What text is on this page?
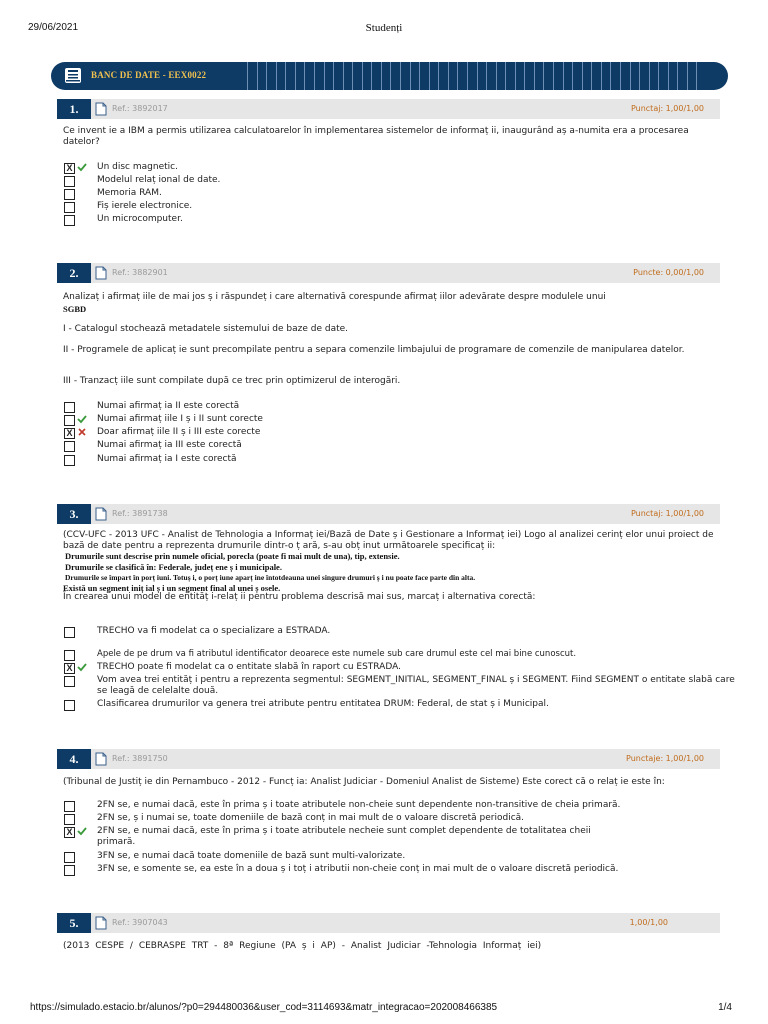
29/06/2021	Studenți
BANC DE DATE - EEX0022
1.	Ref.: 3892017	Punctaj: 1,00/1,00
Ce invent ie a IBM a permis utilizarea calculatoarelor în implementarea sistemelor de informaț ii, inaugurând aș a-numita era a procesarea datelor?
X	Un disc magnetic.
Modelul relaț ional de date.
Memoria RAM.
Fiș ierele electronice.
Un microcomputer.
2.	Ref.: 3882901	Puncte: 0,00/1,00
Analizaț i afirmaț iile de mai jos ș i răspundeț i care alternativă corespunde afirmaț iilor adevărate despre modulele unui
SGBD
I - Catalogul stochează metadatele sistemului de baze de date.
II - Programele de aplicaț ie sunt precompilate pentru a separa comenzile limbajului de programare de comenzile de manipularea datelor.
III - Tranzacț iile sunt compilate după ce trec prin optimizerul de interogări.
Numai afirmaț ia II este corectă
Numai afirmaț iile I ș i II sunt corecte
X	Doar afirmaț iile II ș i III este corecte
Numai afirmaț ia III este corectă
Numai afirmaț ia I este corectă
3.	Ref.: 3891738	Punctaj: 1,00/1,00
(CCV-UFC - 2013 UFC - Analist de Tehnologia a Informaț iei/Bază de Date ș i Gestionare a Informaț iei) Logo al analizei cerinț elor unui proiect de bază de date pentru a reprezenta drumurile dintr-o ț ară, s-au obț inut următoarele specificaț ii:
Drumurile sunt descrise prin numele oficial, porecla (poate fi mai mult de una), tip, extensie.
Drumurile se clasifică în: Federale, județ ene ș i municipale.
Drumurile se împart în porț iuni. Totuș i, o porț iune aparț ine întotdeauna unei singure drumuri ș i nu poate face parte din alta.
Există un segment iniț ial ș i un segment final al unei ș osele.
În crearea unui model de entităț i-relaț ii pentru problema descrisă mai sus, marcaț i alternativa corectă:
TRECHO va fi modelat ca o specializare a ESTRADA.
Apele de pe drum va fi atributul identificator deoarece este numele sub care drumul este cel mai bine cunoscut.
X	TRECHO poate fi modelat ca o entitate slabă în raport cu ESTRADA.
Vom avea trei entităț i pentru a reprezenta segmentul: SEGMENT_INITIAL, SEGMENT_FINAL ș i SEGMENT. Fiind SEGMENT o entitate slabă care se leagă de celelalte două.
Clasificarea drumurilor va genera trei atribute pentru entitatea DRUM: Federal, de stat ș i Municipal.
4.	Ref.: 3891750	Punctaje: 1,00/1,00
(Tribunal de Justiț ie din Pernambuco - 2012 - Funcț ia: Analist Judiciar - Domeniul Analist de Sisteme) Este corect că o relaț ie este în:
2FN se, e numai dacă, este în prima ș i toate atributele non-cheie sunt dependente non-transitive de cheia primară.
2FN se, ș i numai se, toate domeniile de bază conț in mai mult de o valoare discretă periodică.
X	2FN se, e numai dacă, este în prima ș i toate atributele necheie sunt complet dependente de totalitatea cheii primară.
3FN se, e numai dacă toate domeniile de bază sunt multi-valorizate.
3FN se, e somente se, ea este în a doua ș i toț i atributii non-cheie conț in mai mult de o valoare discretă periodică.
5.	Ref.: 3907043	1,00/1,00
(2013 CESPE / CEBRASPE TRT - 8ª Regiune (PA ș i AP) - Analist Judiciar -Tehnologia Informaț iei)
https://simulado.estacio.br/alunos/?p0=294480036&user_cod=3114693&matr_integracao=202008466385	1/4
